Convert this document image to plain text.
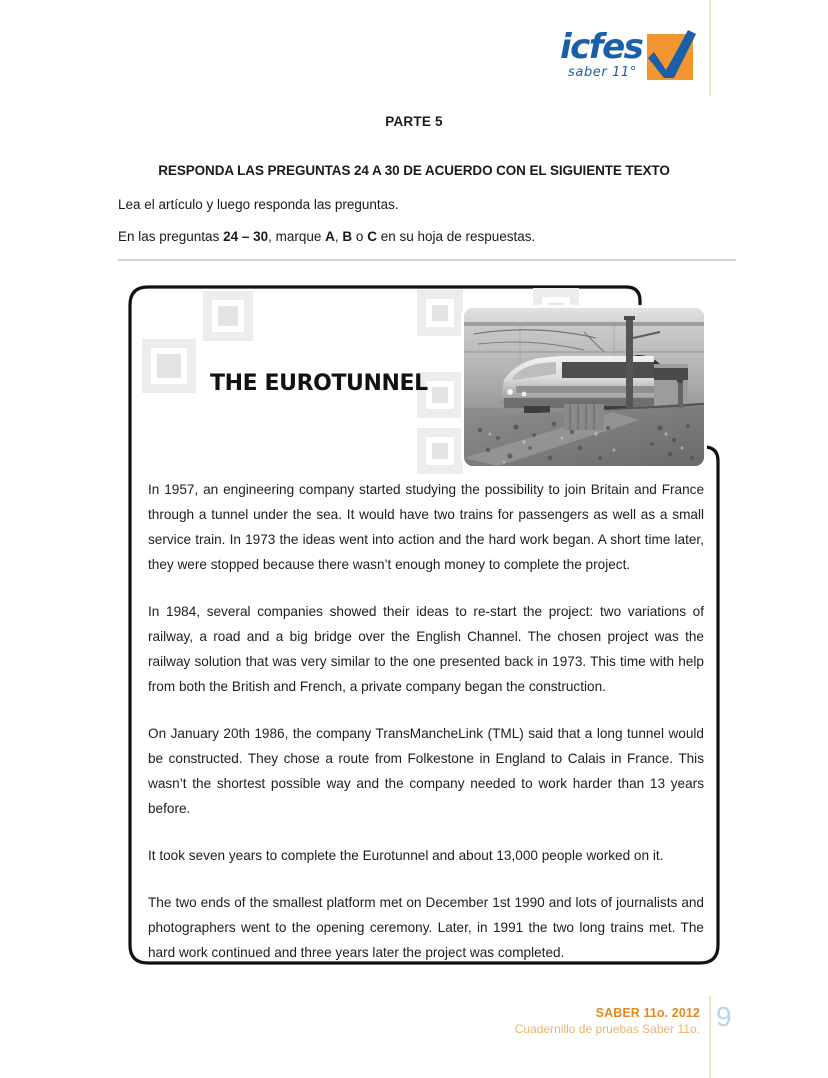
icfes
saber 11°
PARTE 5
RESPONDA LAS PREGUNTAS 24 A 30 DE ACUERDO CON EL SIGUIENTE TEXTO
Lea el artículo y luego responda las preguntas.
En las preguntas 24 – 30, marque A, B o C en su hoja de respuestas.
THE EUROTUNNEL

In 1957, an engineering company started studying the possibility to join Britain and France through a tunnel under the sea. It would have two trains for passengers as well as a small service train. In 1973 the ideas went into action and the hard work began. A short time later, they were stopped because there wasn’t enough money to complete the project.

In 1984, several companies showed their ideas to re-start the project: two variations of railway, a road and a big bridge over the English Channel. The chosen project was the railway solution that was very similar to the one presented back in 1973. This time with help from both the British and French, a private company began the construction.

On January 20th 1986, the company TransMancheLink (TML) said that a long tunnel would be constructed. They chose a route from Folkestone in England to Calais in France. This wasn’t the shortest possible way and the company needed to work harder than 13 years before.

It took seven years to complete the Eurotunnel and about 13,000 people worked on it.

The two ends of the smallest platform met on December 1st 1990 and lots of journalists and photographers went to the opening ceremony. Later, in 1991 the two long trains met. The hard work continued and three years later the project was completed.

SABER 11o. 2012
Cuadernillo de pruebas Saber 11o. 9
